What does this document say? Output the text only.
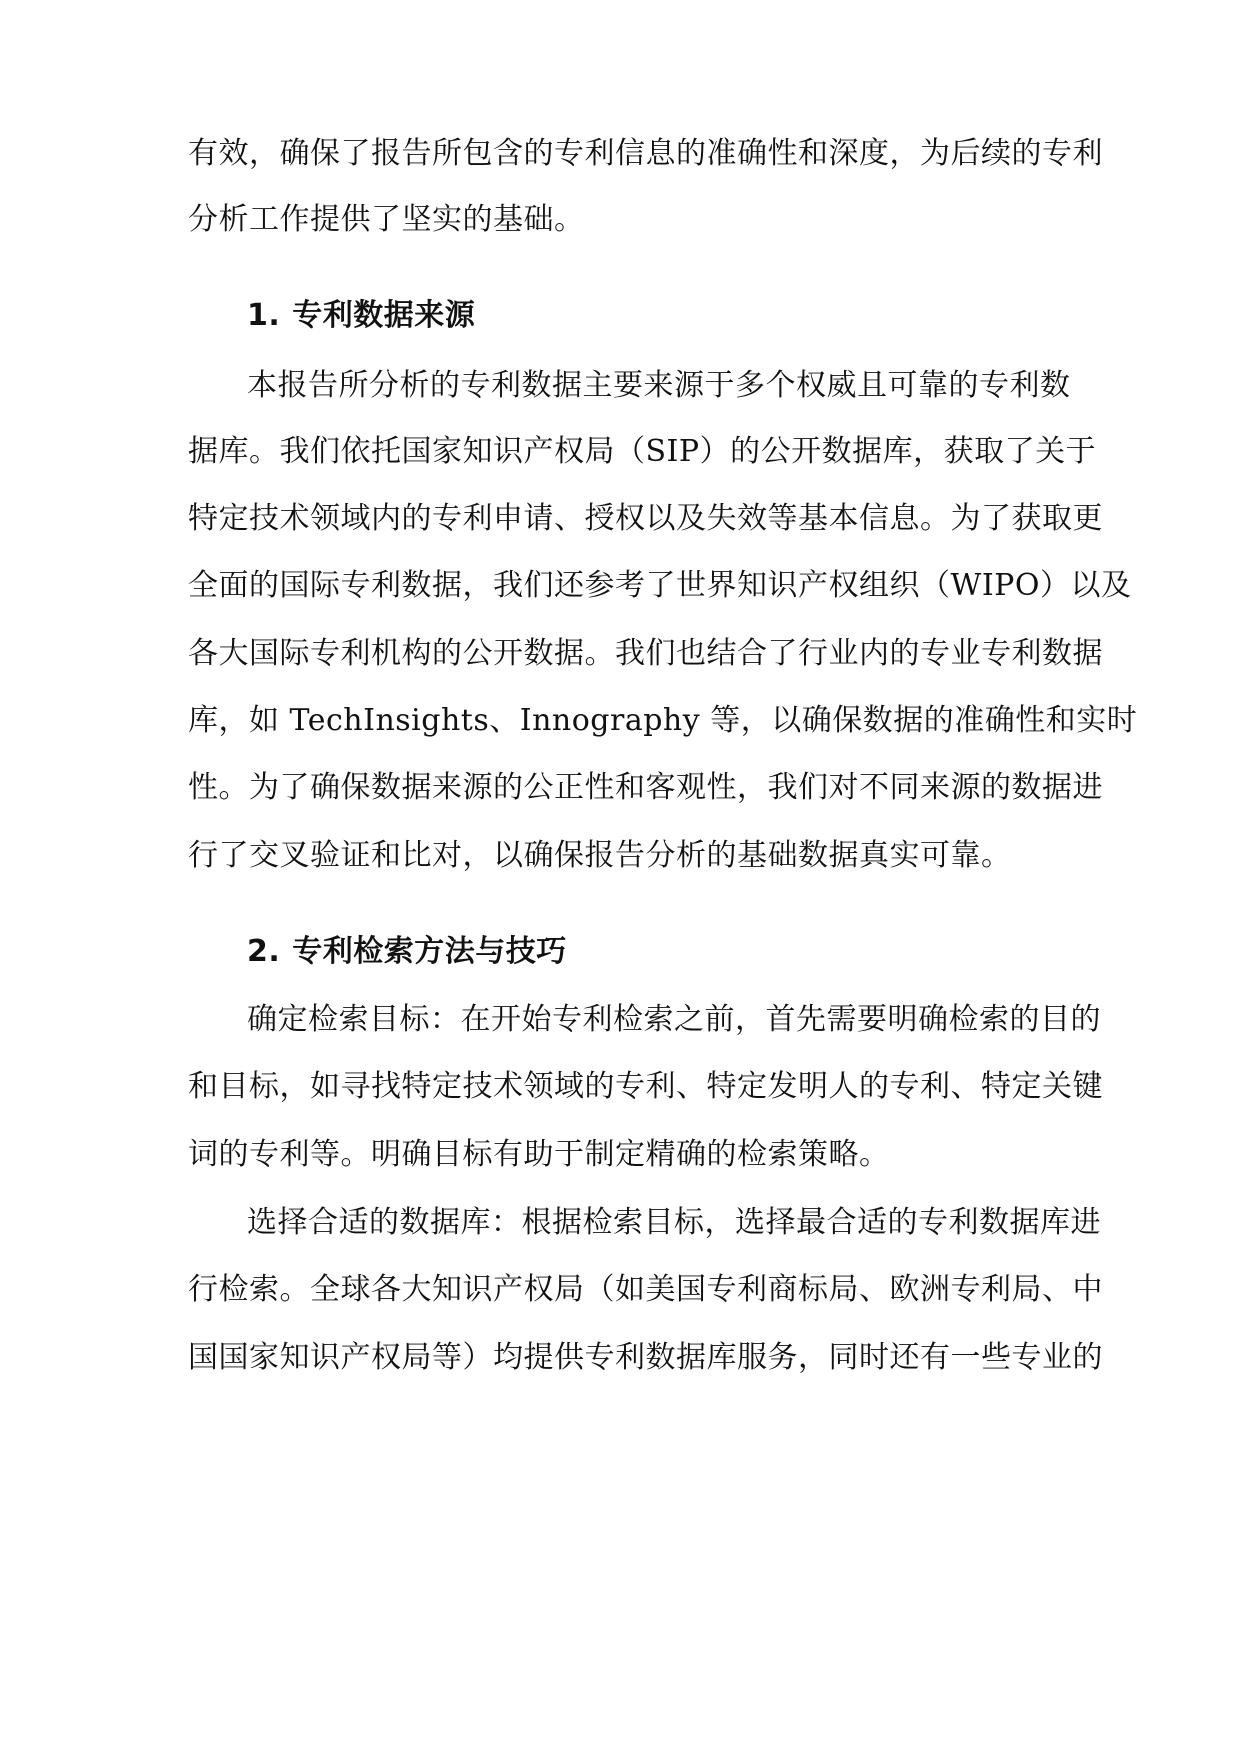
有效，确保了报告所包含的专利信息的准确性和深度，为后续的专利

分析工作提供了坚实的基础。

1. 专利数据来源

本报告所分析的专利数据主要来源于多个权威且可靠的专利数

据库。我们依托国家知识产权局（SIP）的公开数据库，获取了关于

特定技术领域内的专利申请、授权以及失效等基本信息。为了获取更

全面的国际专利数据，我们还参考了世界知识产权组织（WIPO）以及

各大国际专利机构的公开数据。我们也结合了行业内的专业专利数据

库，如 TechInsights、Innography 等，以确保数据的准确性和实时

性。为了确保数据来源的公正性和客观性，我们对不同来源的数据进

行了交叉验证和比对，以确保报告分析的基础数据真实可靠。

2. 专利检索方法与技巧

确定检索目标：在开始专利检索之前，首先需要明确检索的目的

和目标，如寻找特定技术领域的专利、特定发明人的专利、特定关键

词的专利等。明确目标有助于制定精确的检索策略。

选择合适的数据库：根据检索目标，选择最合适的专利数据库进

行检索。全球各大知识产权局（如美国专利商标局、欧洲专利局、中

国国家知识产权局等）均提供专利数据库服务，同时还有一些专业的
